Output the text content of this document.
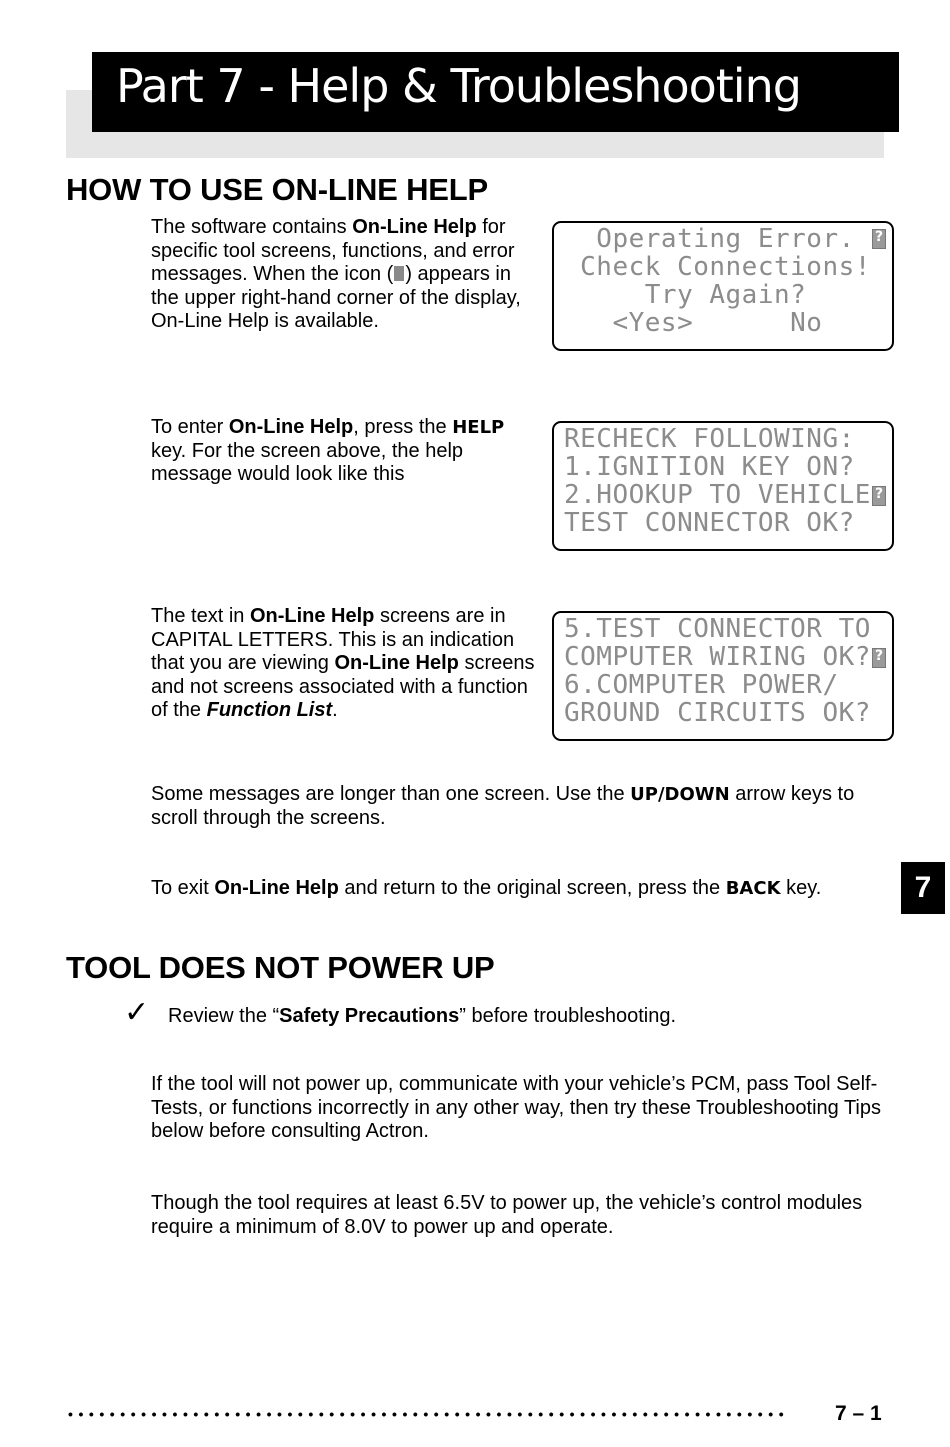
Part 7 - Help & Troubleshooting
HOW TO USE ON-LINE HELP
The software contains On-Line Help for specific tool screens, functions, and error messages. When the icon ( ) appears in the upper right-hand corner of the display, On-Line Help is available.
Operating Error.
Check Connections!
Try Again?
<Yes>      No
?
To enter On-Line Help, press the HELP key. For the screen above, the help message would look like this
RECHECK FOLLOWING:
1.IGNITION KEY ON?
2.HOOKUP TO VEHICLE
TEST CONNECTOR OK?
?
The text in On-Line Help screens are in CAPITAL LETTERS. This is an indication that you are viewing On-Line Help screens and not screens associated with a function of the Function List.
5.TEST CONNECTOR TO
COMPUTER WIRING OK?
6.COMPUTER POWER/
GROUND CIRCUITS OK?
?
Some messages are longer than one screen. Use the UP/DOWN arrow keys to scroll through the screens.
To exit On-Line Help and return to the original screen, press the BACK key.	7
TOOL DOES NOT POWER UP
✓ Review the “Safety Precautions” before troubleshooting.
If the tool will not power up, communicate with your vehicle’s PCM, pass Tool Self-Tests, or functions incorrectly in any other way, then try these Troubleshooting Tips below before consulting Actron.
Though the tool requires at least 6.5V to power up, the vehicle’s control modules require a minimum of 8.0V to power up and operate.
•••••••••••••••••••••••••••••••••••••••••••••••••••••••••••••••••••••	7 – 1
